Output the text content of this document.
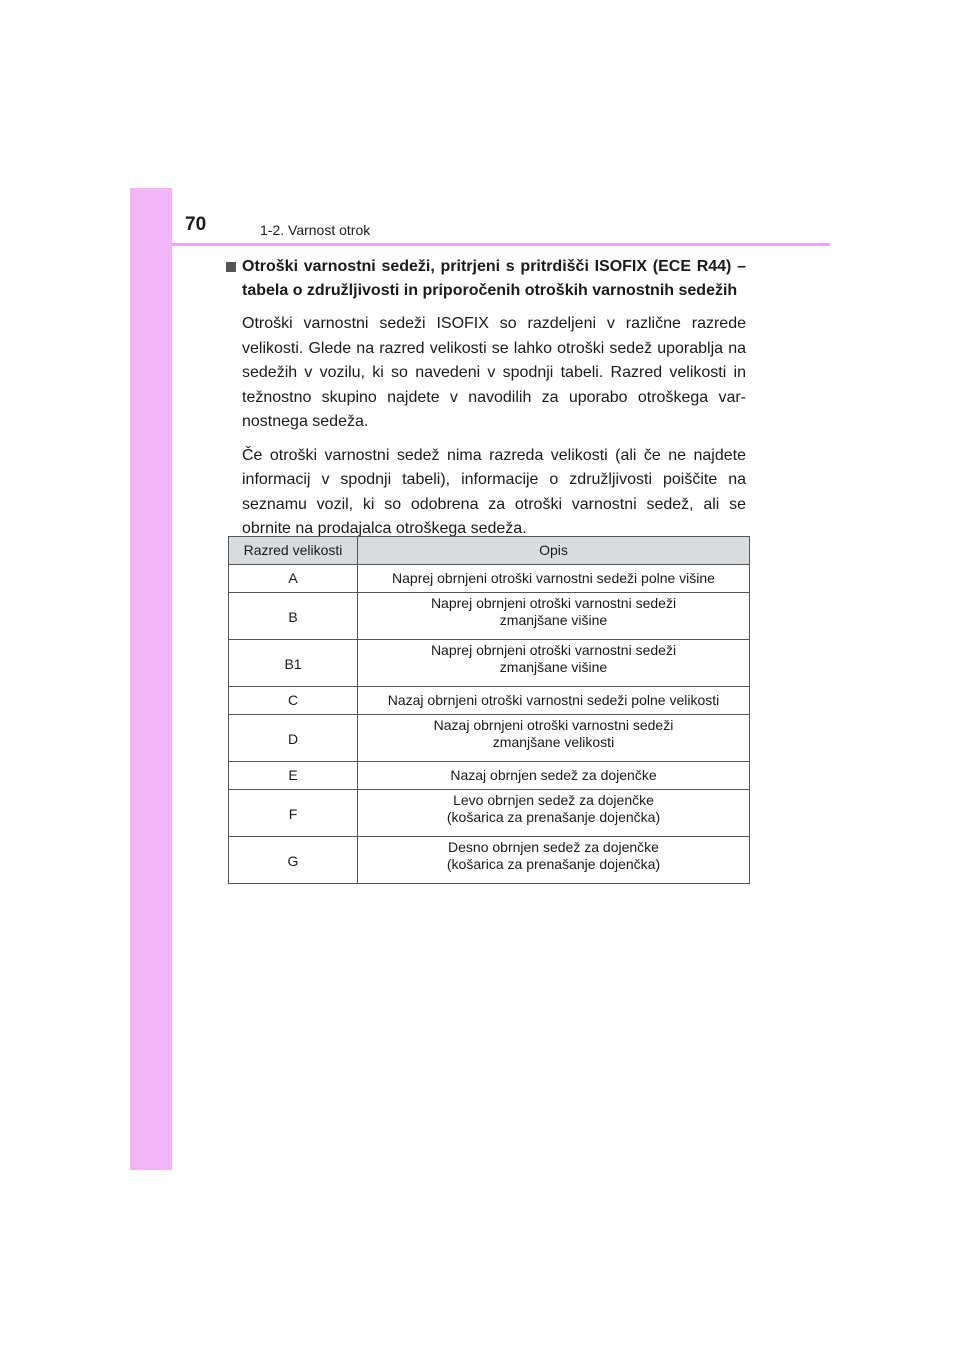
70	1-2. Varnost otrok
Otroški varnostni sedeži, pritrjeni s pritrdišči ISOFIX (ECE R44) – tabela o združljivosti in priporočenih otroških varnostnih sedežih
Otroški varnostni sedeži ISOFIX so razdeljeni v različne razrede velikosti. Glede na razred velikosti se lahko otroški sedež uporablja na sedežih v vozilu, ki so navedeni v spodnji tabeli. Razred velikosti in težnostno skupino najdete v navodilih za uporabo otroškega varnostnega sedeža.
Če otroški varnostni sedež nima razreda velikosti (ali če ne najdete informacij v spodnji tabeli), informacije o združljivosti poiščite na seznamu vozil, ki so odobrena za otroški varnostni sedež, ali se obrnite na prodajalca otroškega sedeža.
Razred velikosti	Opis
A	Naprej obrnjeni otroški varnostni sedeži polne višine

B	Naprej obrnjeni otroški varnostni sedeži
zmanjšane višine

B1	Naprej obrnjeni otroški varnostni sedeži
zmanjšane višine

C	Nazaj obrnjeni otroški varnostni sedeži polne velikosti

D	Nazaj obrnjeni otroški varnostni sedeži
zmanjšane velikosti

E	Nazaj obrnjen sedež za dojenčke

F	Levo obrnjen sedež za dojenčke
(košarica za prenašanje dojenčka)

G	Desno obrnjen sedež za dojenčke
(košarica za prenašanje dojenčka)
